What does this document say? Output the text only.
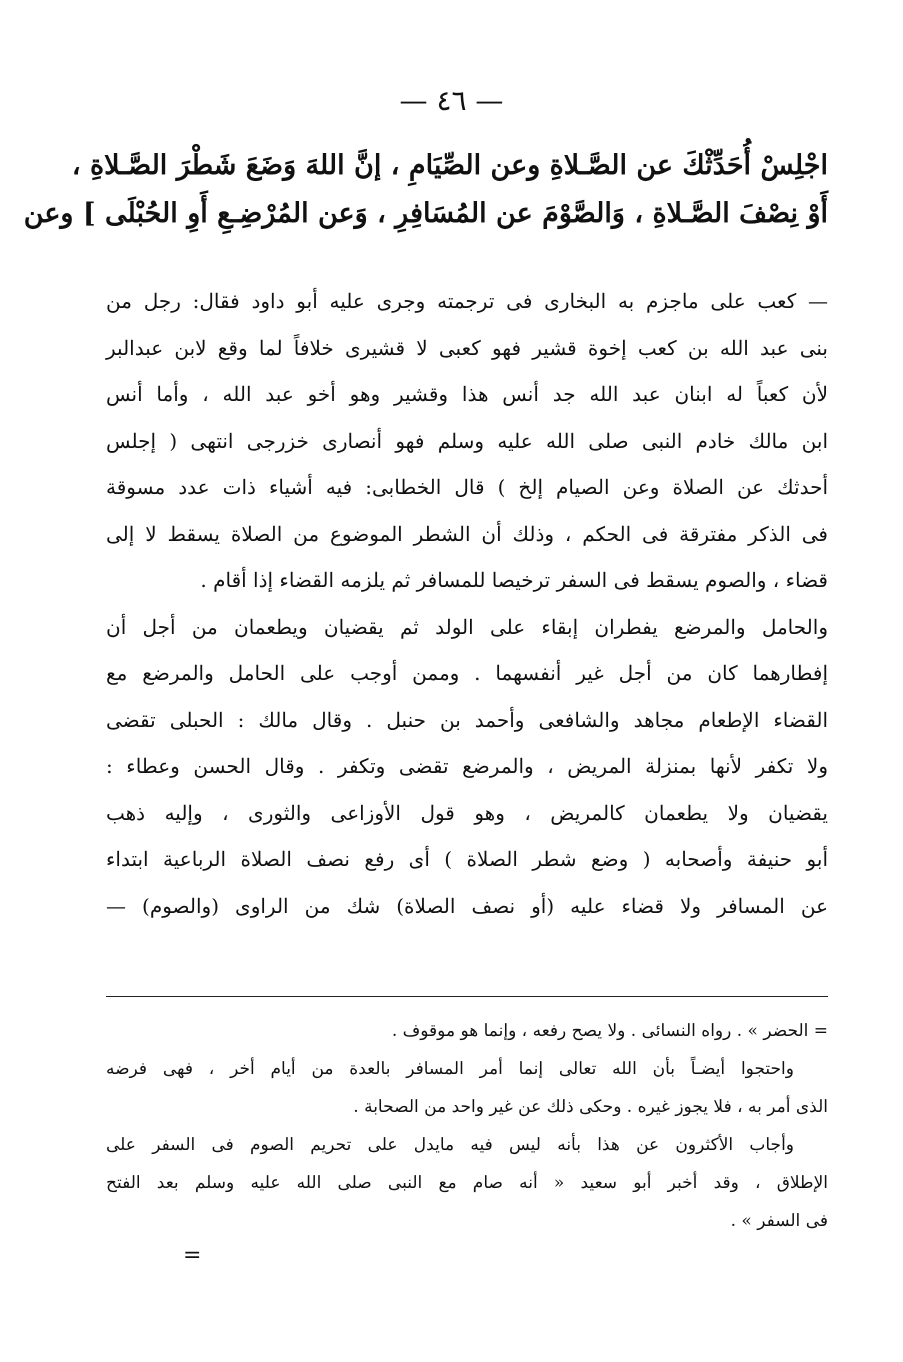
— ٤٦ —

اجْلِسْ أُحَدِّثْكَ عن الصَّـلاةِ وعن الصِّيَامِ ، إنَّ اللهَ وَضَعَ شَطْرَ الصَّـلاةِ ،

أَوْ نِصْفَ الصَّـلاةِ ، وَالصَّوْمَ عن المُسَافِرِ ، وَعن المُرْضِـعِ أَوِ الحُبْلَى ] وعن

— كعب على ماجزم به البخارى فى ترجمته وجرى عليه أبو داود فقال: رجل من

بنى عبد الله بن كعب إخوة قشير فهو كعبى لا قشيرى خلافاً لما وقع لابن عبدالبر

لأن كعباً له ابنان عبد الله جد أنس هذا وقشير وهو أخو عبد الله ، وأما أنس

ابن مالك خادم النبى صلى الله عليه وسلم فهو أنصارى خزرجى انتهى ( إجلس

أحدثك عن الصلاة وعن الصيام إلخ ) قال الخطابى: فيه أشياء ذات عدد مسوقة

فى الذكر مفترقة فى الحكم ، وذلك أن الشطر الموضوع من الصلاة يسقط لا إلى

قضاء ، والصوم يسقط فى السفر ترخيصا للمسافر ثم يلزمه القضاء إذا أقام .

والحامل والمرضع يفطران إبقاء على الولد ثم يقضيان ويطعمان من أجل أن

إفطارهما كان من أجل غير أنفسهما . وممن أوجب على الحامل والمرضع مع

القضاء الإطعام مجاهد والشافعى وأحمد بن حنبل . وقال مالك : الحبلى تقضى

ولا تكفر لأنها بمنزلة المريض ، والمرضع تقضى وتكفر . وقال الحسن وعطاء :

يقضيان ولا يطعمان كالمريض ، وهو قول الأوزاعى والثورى ، وإليه ذهب

أبو حنيفة وأصحابه ( وضع شطر الصلاة ) أى رفع نصف الصلاة الرباعية ابتداء

عن المسافر ولا قضاء عليه (أو نصف الصلاة) شك من الراوى (والصوم) —

= الحضر » . رواه النسائى . ولا يصح رفعه ، وإنما هو موقوف .

واحتجوا أيضـاً بأن الله تعالى إنما أمر المسافر بالعدة من أيام أخر ، فهى فرضه

الذى أمر به ، فلا يجوز غيره . وحكى ذلك عن غير واحد من الصحابة .

وأجاب الأكثرون عن هذا بأنه ليس فيه مايدل على تحريم الصوم فى السفر على

الإطلاق ، وقد أخبر أبو سعيد « أنه صام مع النبى صلى الله عليه وسلم بعد الفتح

فى السفر » .

=
